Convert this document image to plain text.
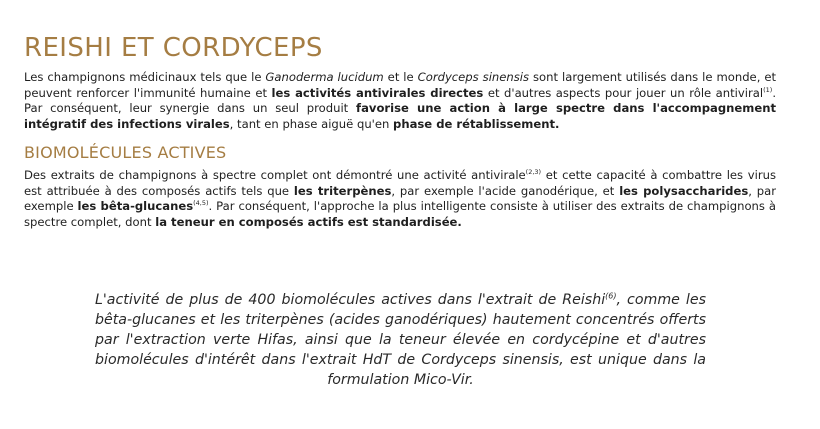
REISHI ET CORDYCEPS

Les champignons médicinaux tels que le Ganoderma lucidum et le Cordyceps sinensis sont largement utilisés dans le monde, et peuvent renforcer l'immunité humaine et les activités antivirales directes et d'autres aspects pour jouer un rôle antiviral$^{(1)}$. Par conséquent, leur synergie dans un seul produit favorise une action à large spectre dans l'accompagnement intégratif des infections virales, tant en phase aiguë qu'en phase de rétablissement.

BIOMOLÉCULES ACTIVES

Des extraits de champignons à spectre complet ont démontré une activité antivirale$^{(2,3)}$ et cette capacité à combattre les virus est attribuée à des composés actifs tels que les triterpènes, par exemple l'acide ganodérique, et les polysaccharides, par exemple les bêta-glucanes$^{(4,5)}$. Par conséquent, l'approche la plus intelligente consiste à utiliser des extraits de champignons à spectre complet, dont la teneur en composés actifs est standardisée.

L'activité de plus de 400 biomolécules actives dans l'extrait de Reishi$^{(6)}$, comme les bêta-glucanes et les triterpènes (acides ganodériques) hautement concentrés offerts par l'extraction verte Hifas, ainsi que la teneur élevée en cordycépine et d'autres biomolécules d'intérêt dans l'extrait HdT de Cordyceps sinensis, est unique dans la formulation Mico-Vir.
